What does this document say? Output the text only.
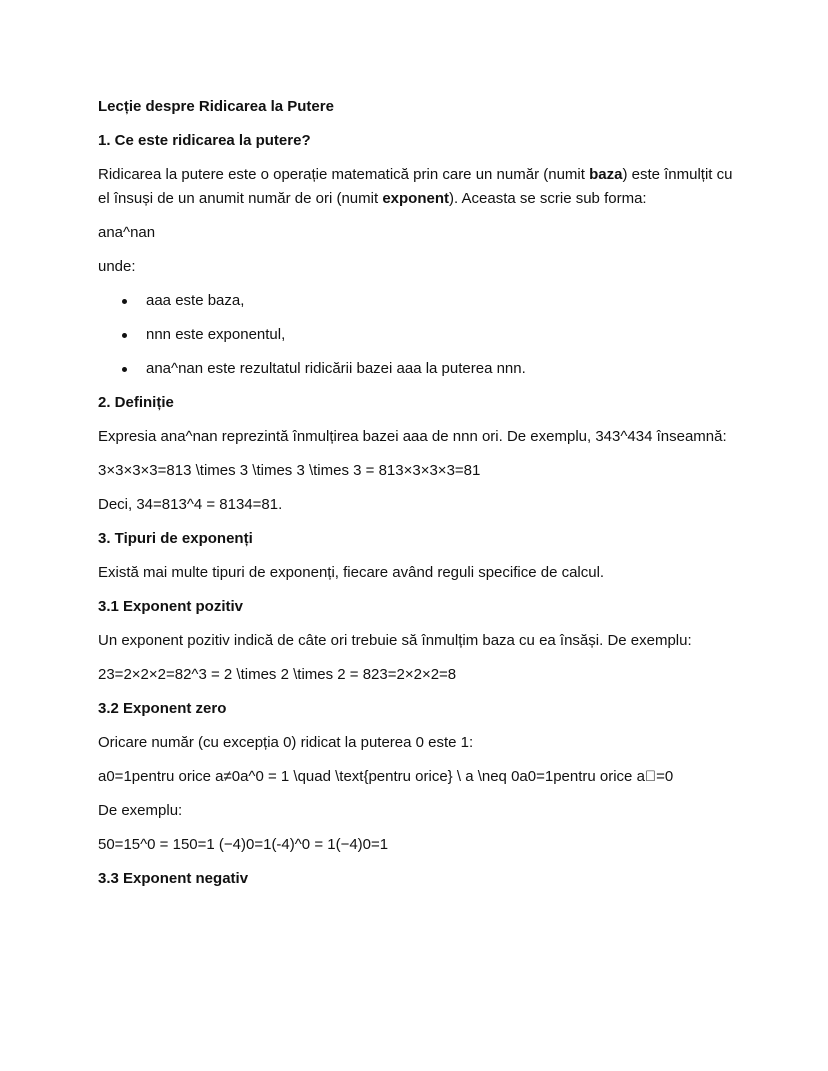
Lecție despre Ridicarea la Putere

1. Ce este ridicarea la putere?

Ridicarea la putere este o operație matematică prin care un număr (numit baza) este înmulțit cu el însuși de un anumit număr de ori (numit exponent). Aceasta se scrie sub forma:

ana^nan

unde:

aaa este baza,
nnn este exponentul,
ana^nan este rezultatul ridicării bazei aaa la puterea nnn.

2. Definiție

Expresia ana^nan reprezintă înmulțirea bazei aaa de nnn ori. De exemplu, 343^434 înseamnă:

3×3×3×3=813 \times 3 \times 3 \times 3 = 813×3×3×3=81

Deci, 34=813^4 = 8134=81.

3. Tipuri de exponenți

Există mai multe tipuri de exponenți, fiecare având reguli specifice de calcul.

3.1 Exponent pozitiv

Un exponent pozitiv indică de câte ori trebuie să înmulțim baza cu ea însăși. De exemplu:

23=2×2×2=82^3 = 2 \times 2 \times 2 = 823=2×2×2=8

3.2 Exponent zero

Oricare număr (cu excepția 0) ridicat la puterea 0 este 1:

a0=1pentru orice a≠0a^0 = 1 \quad \text{pentru orice} \ a \neq 0a0=1pentru orice a⃟=0

De exemplu:

50=15^0 = 150=1 (−4)0=1(-4)^0 = 1(−4)0=1

3.3 Exponent negativ
